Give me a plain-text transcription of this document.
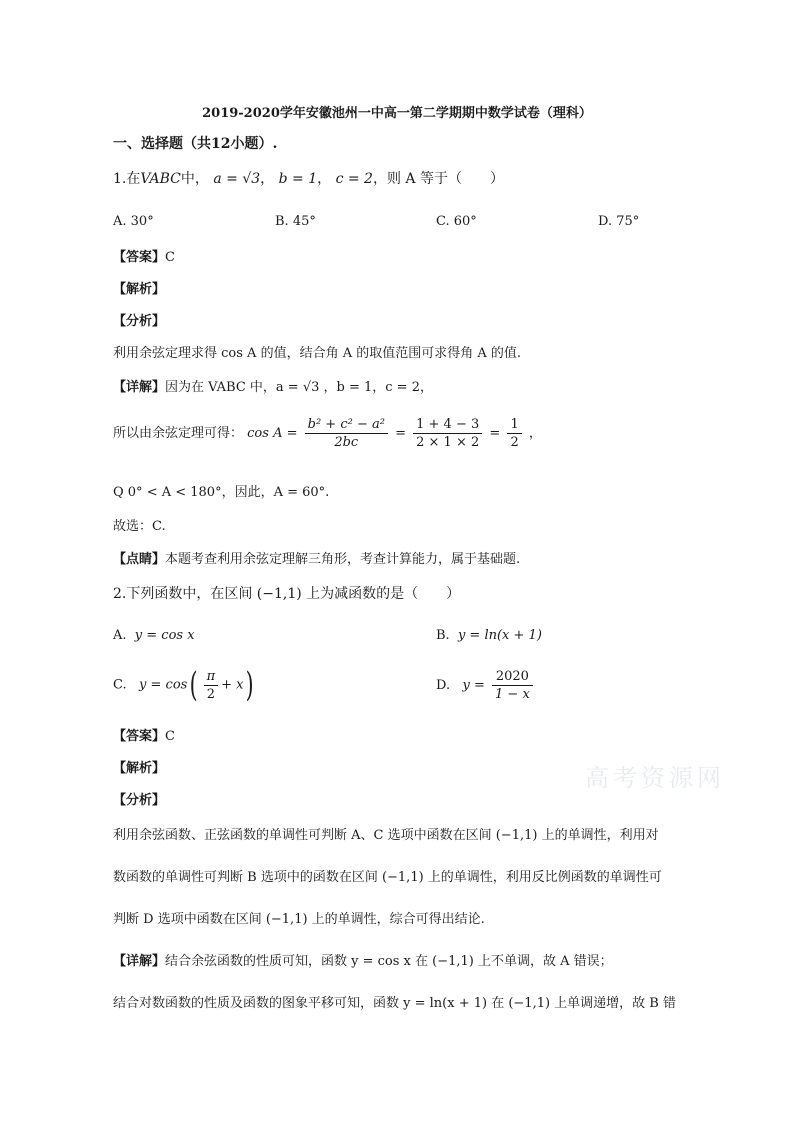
2019-2020学年安徽池州一中高一第二学期期中数学试卷（理科）
一、选择题（共12小题）.
1.在VABC中， a = √3， b = 1， c = 2，则 A 等于（　　）
A. 30°	B. 45°	C. 60°	D. 75°
【答案】C
【解析】
【分析】
利用余弦定理求得 cos A 的值，结合角 A 的取值范围可求得角 A 的值.
【详解】因为在 VABC 中，a = √3 ，b = 1，c = 2，
所以由余弦定理可得： $\cos A = \frac{\text{b² + c² − a²}}{2bc} = \frac{1 + 4 - 3}{2 \times 1 \times 2} = \frac{1}{2}$ ，
Q 0° < A < 180°，因此，A = 60°.
故选：C.
【点睛】本题考查利用余弦定理解三角形，考查计算能力，属于基础题.
2.下列函数中，在区间 (−1,1) 上为减函数的是（　　）
A. y = cos x	B. y = ln(x + 1)
C. $y = \cos( \frac{\pi}{2} + x)$	D. $y = \frac{2020}{1 - x}$
【答案】C
【解析】
【分析】
利用余弦函数、正弦函数的单调性可判断 A、C 选项中函数在区间 (−1,1) 上的单调性，利用对
数函数的单调性可判断 B 选项中的函数在区间 (−1,1) 上的单调性，利用反比例函数的单调性可
判断 D 选项中函数在区间 (−1,1) 上的单调性，综合可得出结论.
【详解】结合余弦函数的性质可知，函数 y = cos x 在 (−1,1) 上不单调，故 A 错误；
结合对数函数的性质及函数的图象平移可知，函数 y = ln(x + 1) 在 (−1,1) 上单调递增，故 B 错
高考资源网
